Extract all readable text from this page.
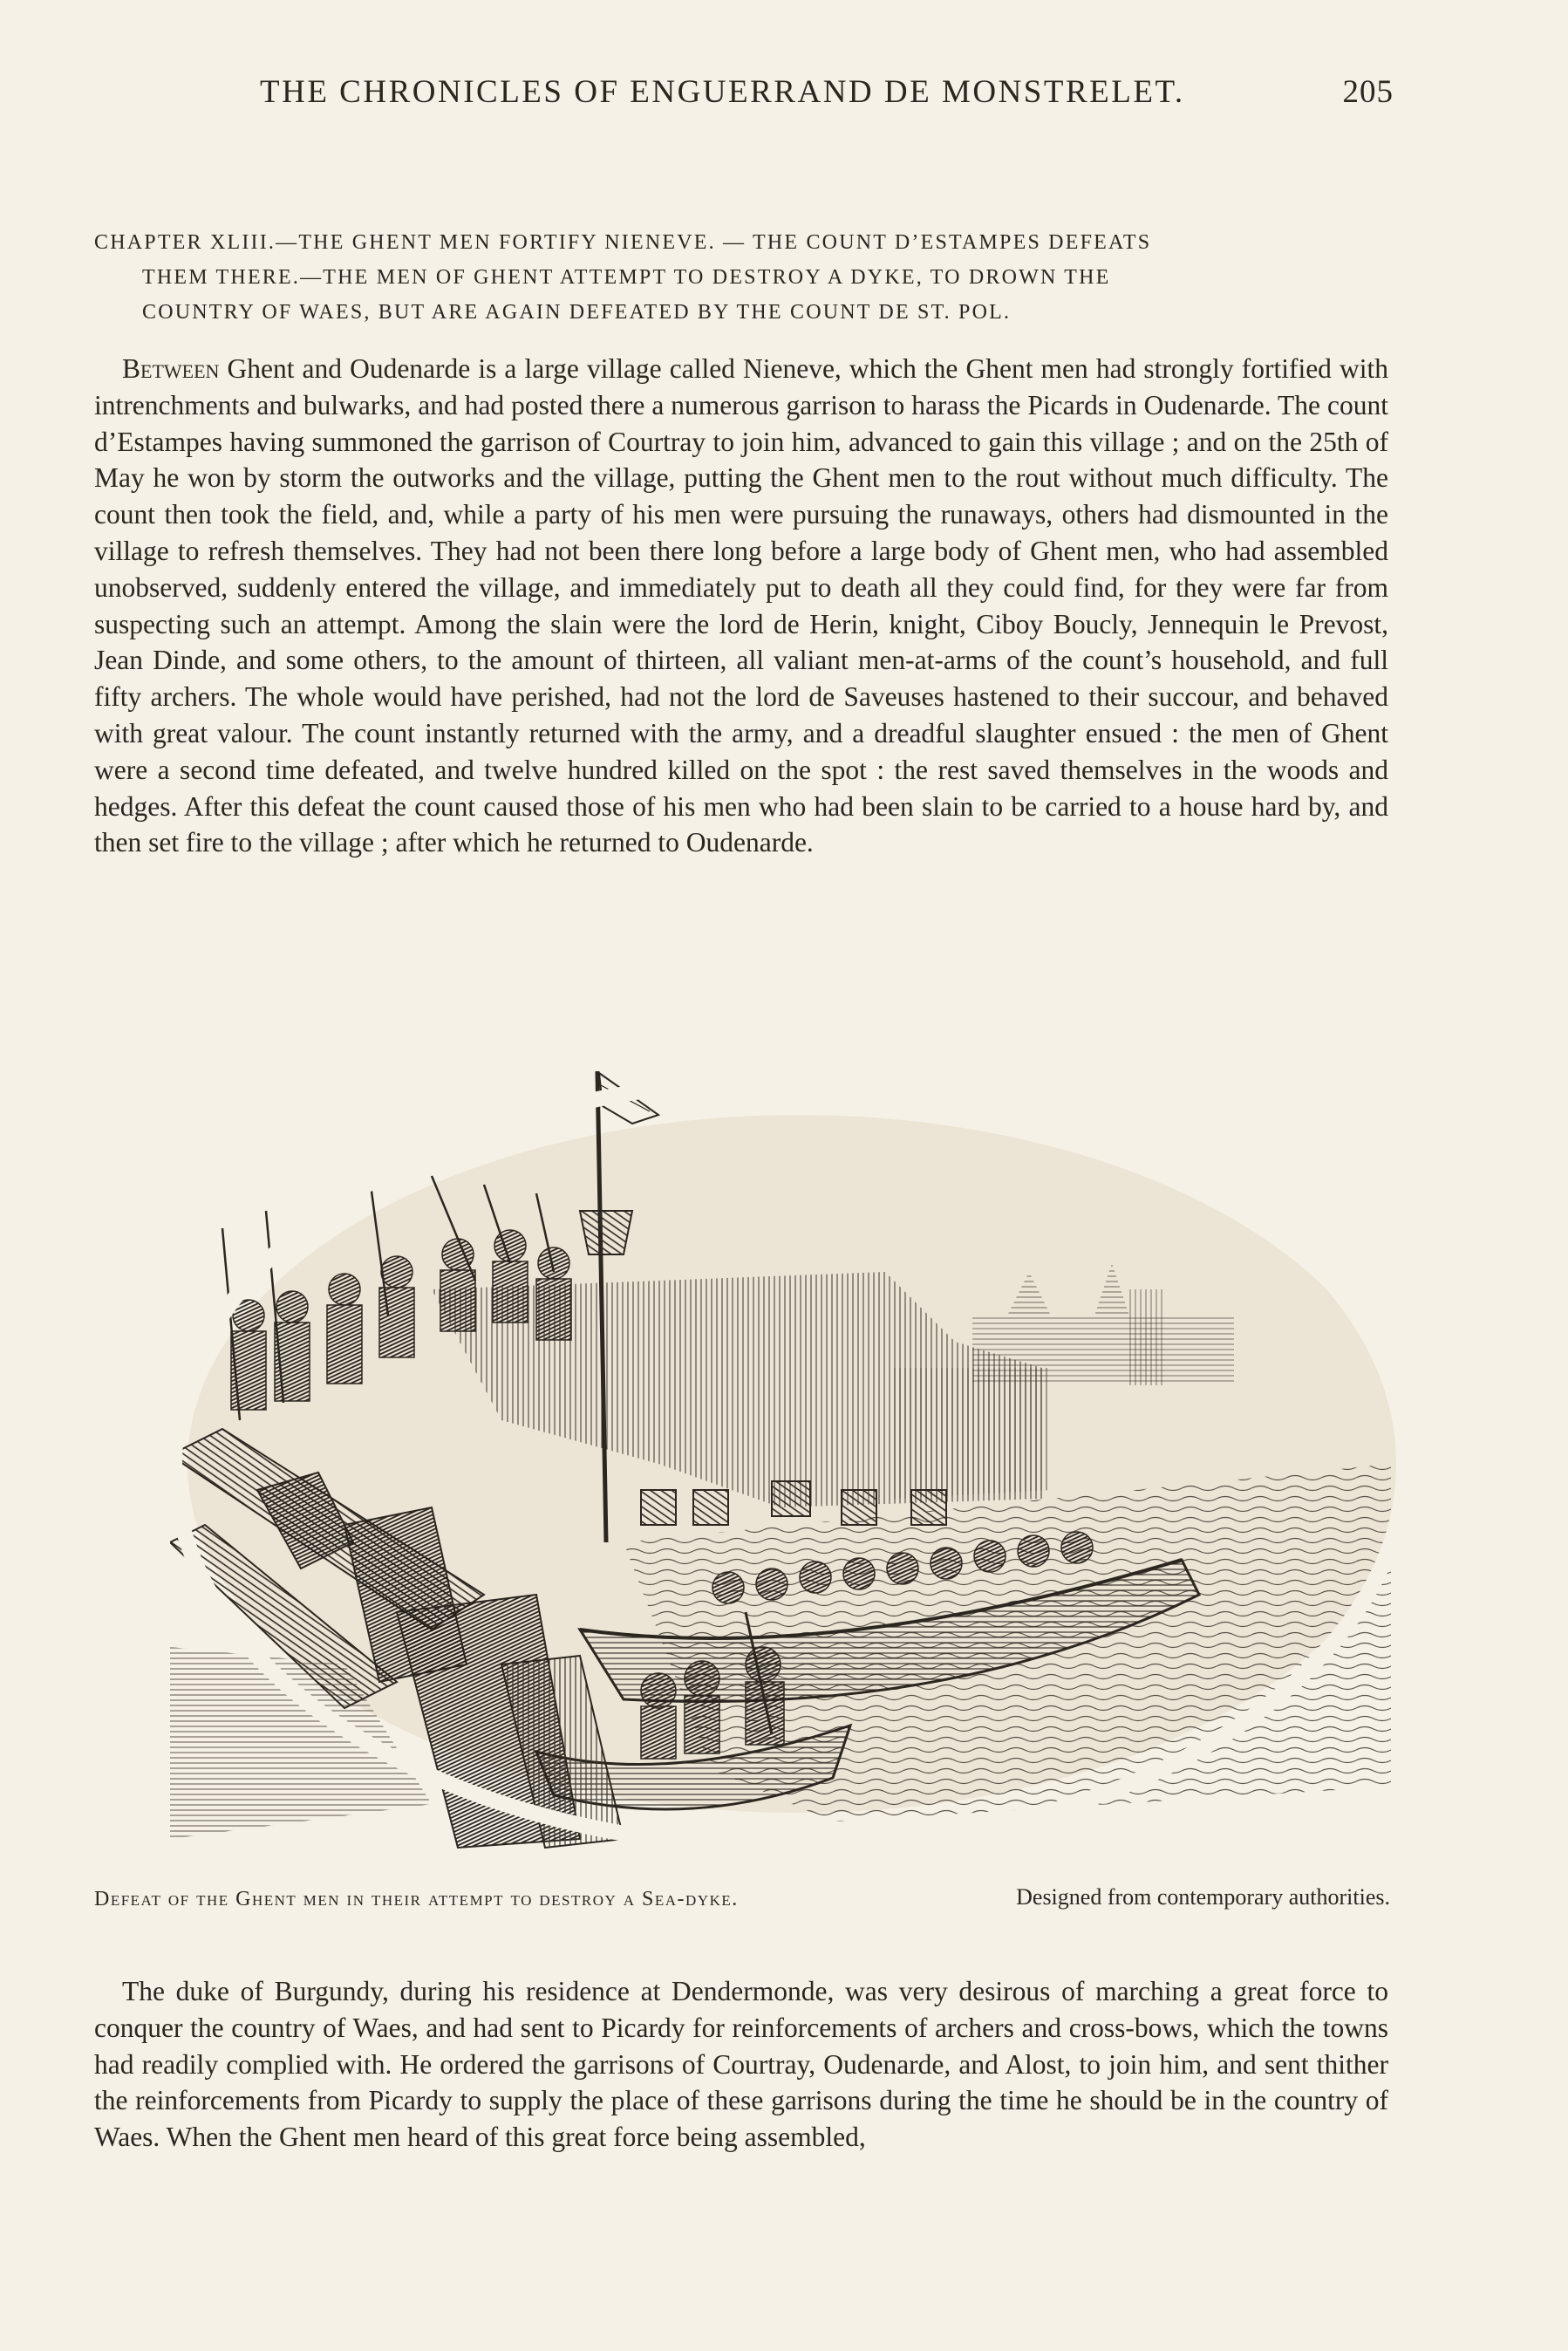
THE CHRONICLES OF ENGUERRAND DE MONSTRELET.	205
CHAPTER XLIII.—THE GHENT MEN FORTIFY NIENEVE. — THE COUNT D’ESTAMPES DEFEATS
THEM THERE.—THE MEN OF GHENT ATTEMPT TO DESTROY A DYKE, TO DROWN THE
COUNTRY OF WAES, BUT ARE AGAIN DEFEATED BY THE COUNT DE ST. POL.

Between Ghent and Oudenarde is a large village called Nieneve, which the Ghent men had strongly fortified with intrenchments and bulwarks, and had posted there a numerous garrison to harass the Picards in Oudenarde. The count d’Estampes having summoned the garrison of Courtray to join him, advanced to gain this village ; and on the 25th of May he won by storm the outworks and the village, putting the Ghent men to the rout without much difficulty. The count then took the field, and, while a party of his men were pursuing the runaways, others had dismounted in the village to refresh themselves. They had not been there long before a large body of Ghent men, who had assembled unobserved, suddenly entered the village, and immediately put to death all they could find, for they were far from suspecting such an attempt. Among the slain were the lord de Herin, knight, Ciboy Boucly, Jennequin le Prevost, Jean Dinde, and some others, to the amount of thirteen, all valiant men-at-arms of the count’s household, and full fifty archers. The whole would have perished, had not the lord de Saveuses hastened to their succour, and behaved with great valour. The count instantly returned with the army, and a dreadful slaughter ensued : the men of Ghent were a second time defeated, and twelve hundred killed on the spot : the rest saved themselves in the woods and hedges. After this defeat the count caused those of his men who had been slain to be carried to a house hard by, and then set fire to the village ; after which he returned to Oudenarde.

Defeat of the Ghent men in their attempt to destroy a Sea-dyke.	Designed from contemporary authorities.

The duke of Burgundy, during his residence at Dendermonde, was very desirous of marching a great force to conquer the country of Waes, and had sent to Picardy for reinforcements of archers and cross-bows, which the towns had readily complied with. He ordered the garrisons of Courtray, Oudenarde, and Alost, to join him, and sent thither the reinforcements from Picardy to supply the place of these garrisons during the time he should be in the country of Waes. When the Ghent men heard of this great force being assembled,
